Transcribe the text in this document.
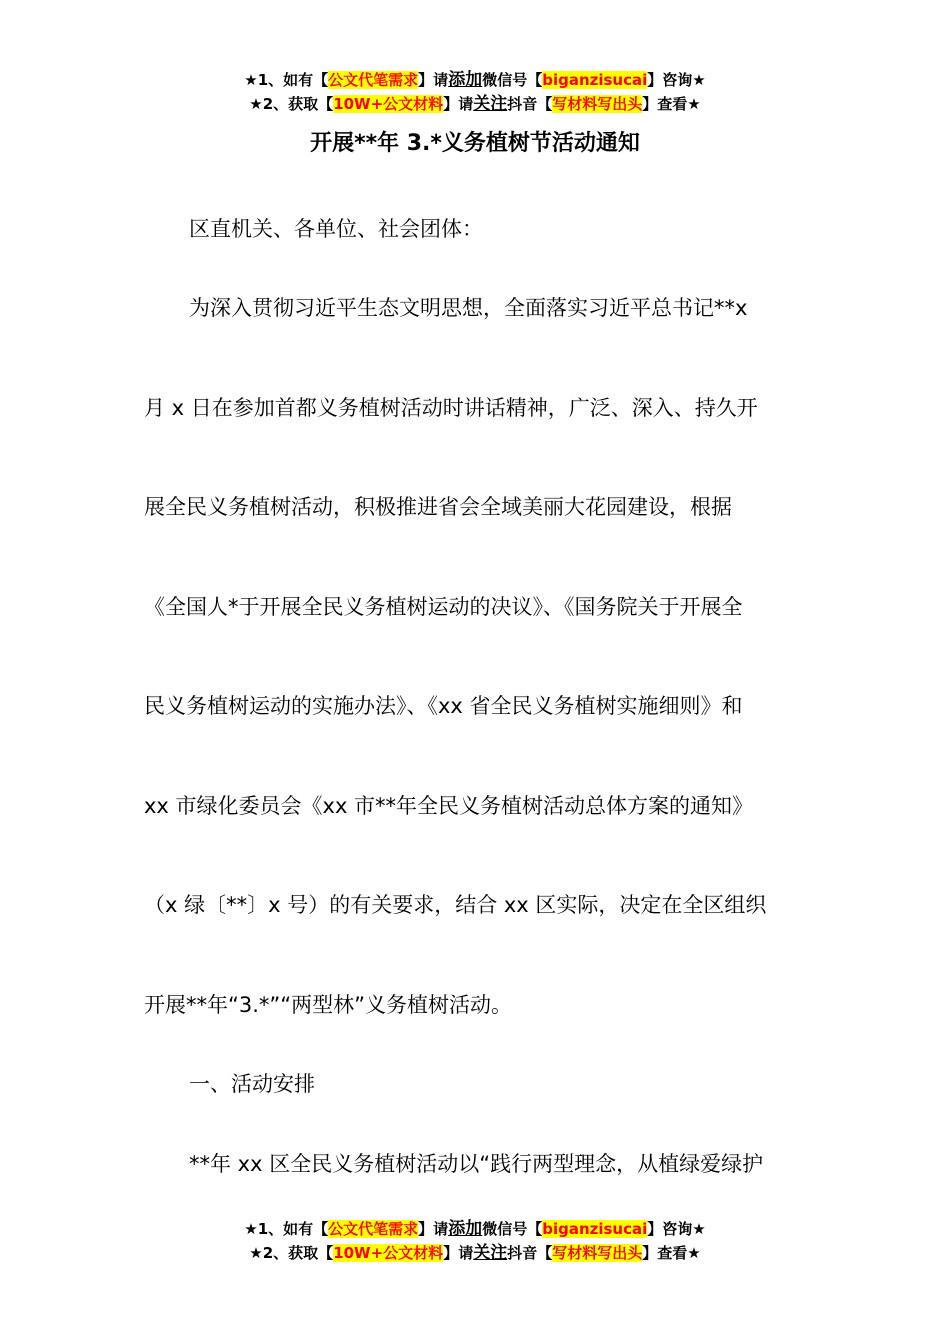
★1、如有【公文代笔需求】请添加微信号【biganzisucai】咨询★
★2、获取【10W+公文材料】请关注抖音【写材料写出头】查看★
开展**年 3.*义务植树节活动通知
区直机关、各单位、社会团体：
为深入贯彻习近平生态文明思想，全面落实习近平总书记**x
月 x 日在参加首都义务植树活动时讲话精神，广泛、深入、持久开
展全民义务植树活动，积极推进省会全域美丽大花园建设，根据
《全国人*于开展全民义务植树运动的决议》、《国务院关于开展全
民义务植树运动的实施办法》、《xx 省全民义务植树实施细则》和
xx 市绿化委员会《xx 市**年全民义务植树活动总体方案的通知》
（x 绿〔**〕x 号）的有关要求，结合 xx 区实际，决定在全区组织
开展**年“3.*”“两型林”义务植树活动。
一、活动安排
**年 xx 区全民义务植树活动以“践行两型理念，从植绿爱绿护
★1、如有【公文代笔需求】请添加微信号【biganzisucai】咨询★
★2、获取【10W+公文材料】请关注抖音【写材料写出头】查看★
